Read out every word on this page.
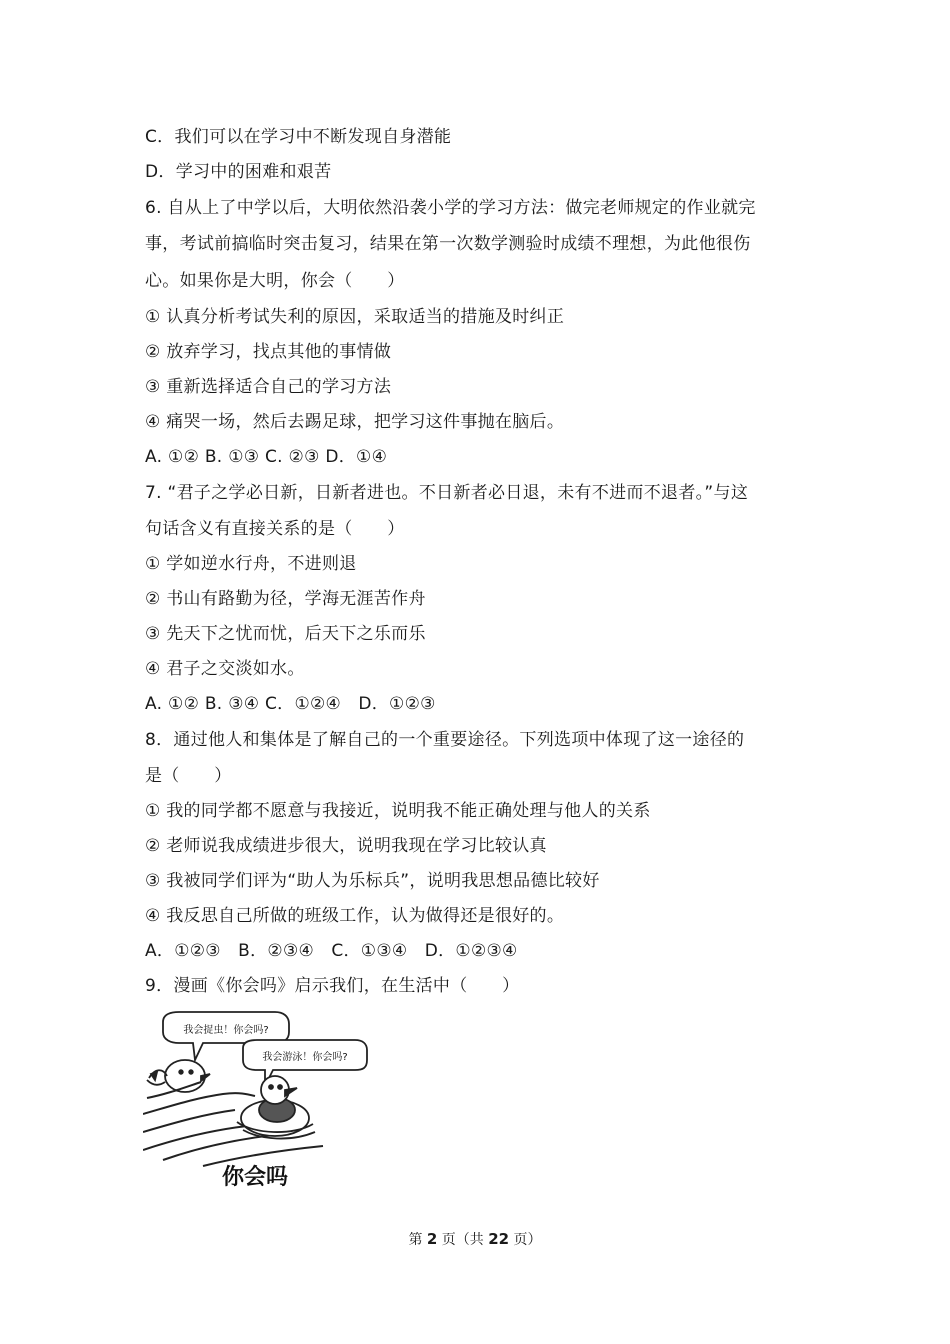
C．我们可以在学习中不断发现自身潜能
D．学习中的困难和艰苦
6. 自从上了中学以后，大明依然沿袭小学的学习方法：做完老师规定的作业就完
事，考试前搞临时突击复习，结果在第一次数学测验时成绩不理想，为此他很伤
心。如果你是大明，你会（　　）
① 认真分析考试失利的原因，采取适当的措施及时纠正
② 放弃学习，找点其他的事情做
③ 重新选择适合自己的学习方法
④ 痛哭一场，然后去踢足球，把学习这件事抛在脑后。
A. ①② B. ①③ C. ②③ D．①④
7. “君子之学必日新，日新者进也。不日新者必日退，未有不进而不退者。”与这
句话含义有直接关系的是（　　）
① 学如逆水行舟，不进则退
② 书山有路勤为径，学海无涯苦作舟
③ 先天下之忧而忧，后天下之乐而乐
④ 君子之交淡如水。
A. ①② B. ③④ C．①②④　D．①②③
8．通过他人和集体是了解自己的一个重要途径。下列选项中体现了这一途径的
是（　　）
① 我的同学都不愿意与我接近，说明我不能正确处理与他人的关系
② 老师说我成绩进步很大，说明我现在学习比较认真
③ 我被同学们评为“助人为乐标兵”，说明我思想品德比较好
④ 我反思自己所做的班级工作，认为做得还是很好的。
A．①②③　B．②③④　C．①③④　D．①②③④
9．漫画《你会吗》启示我们，在生活中（　　）
我会捉虫！你会吗?
我会游泳！你会吗?
你会吗
第 2 页（共 22 页）
